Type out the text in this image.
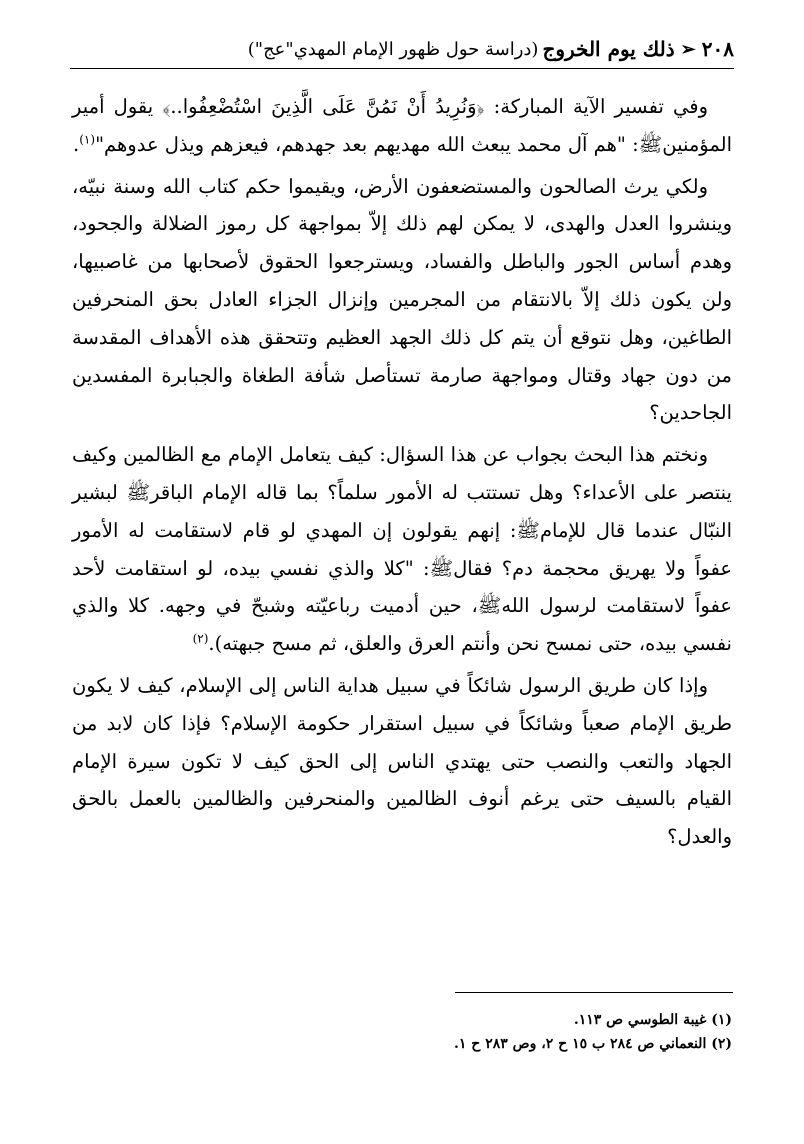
٢٠٨
➢
ذلك يوم الخروج
(دراسة حول ظهور الإمام المهدي"عج")

وفي تفسير الآية المباركة: ﴿وَنُرِيدُ أَنْ نَمُنَّ عَلَى الَّذِينَ اسْتُضْعِفُوا..﴾ يقول أمير المؤمنينﷺ: "هم آل محمد يبعث الله مهديهم بعد جهدهم، فيعزهم ويذل عدوهم"$^{(١)}$.

ولكي يرث الصالحون والمستضعفون الأرض، ويقيموا حكم كتاب الله وسنة نبيّه، وينشروا العدل والهدى، لا يمكن لهم ذلك إلاّ بمواجهة كل رموز الضلالة والجحود، وهدم أساس الجور والباطل والفساد، ويسترجعوا الحقوق لأصحابها من غاصبيها، ولن يكون ذلك إلاّ بالانتقام من المجرمين وإنزال الجزاء العادل بحق المنحرفين الطاغين، وهل نتوقع أن يتم كل ذلك الجهد العظيم وتتحقق هذه الأهداف المقدسة من دون جهاد وقتال ومواجهة صارمة تستأصل شأفة الطغاة والجبابرة المفسدين الجاحدين؟

ونختم هذا البحث بجواب عن هذا السؤال: كيف يتعامل الإمام مع الظالمين وكيف ينتصر على الأعداء؟ وهل تستتب له الأمور سلماً؟ بما قاله الإمام الباقرﷺ لبشير النبّال عندما قال للإمامﷺ: إنهم يقولون إن المهدي لو قام لاستقامت له الأمور عفواً ولا يهريق محجمة دم؟ فقالﷺ: "كلا والذي نفسي بيده، لو استقامت لأحد عفواً لاستقامت لرسول اللهﷺ، حين أدميت رباعيّته وشبحّ في وجهه. كلا والذي نفسي بيده، حتى نمسح نحن وأنتم العرق والعلق، ثم مسح جبهته).$^{(٢)}$

وإذا كان طريق الرسول شائكاً في سبيل هداية الناس إلى الإسلام، كيف لا يكون طريق الإمام صعباً وشائكاً في سبيل استقرار حكومة الإسلام؟ فإذا كان لابد من الجهاد والتعب والنصب حتى يهتدي الناس إلى الحق كيف لا تكون سيرة الإمام القيام بالسيف حتى يرغم أنوف الظالمين والمنحرفين والظالمين بالعمل بالحق والعدل؟

(١) غيبة الطوسي ص ١١٣.
(٢) النعماني ص ٢٨٤ ب ١٥ ح ٢، وص ٢٨٣ ح ١.
